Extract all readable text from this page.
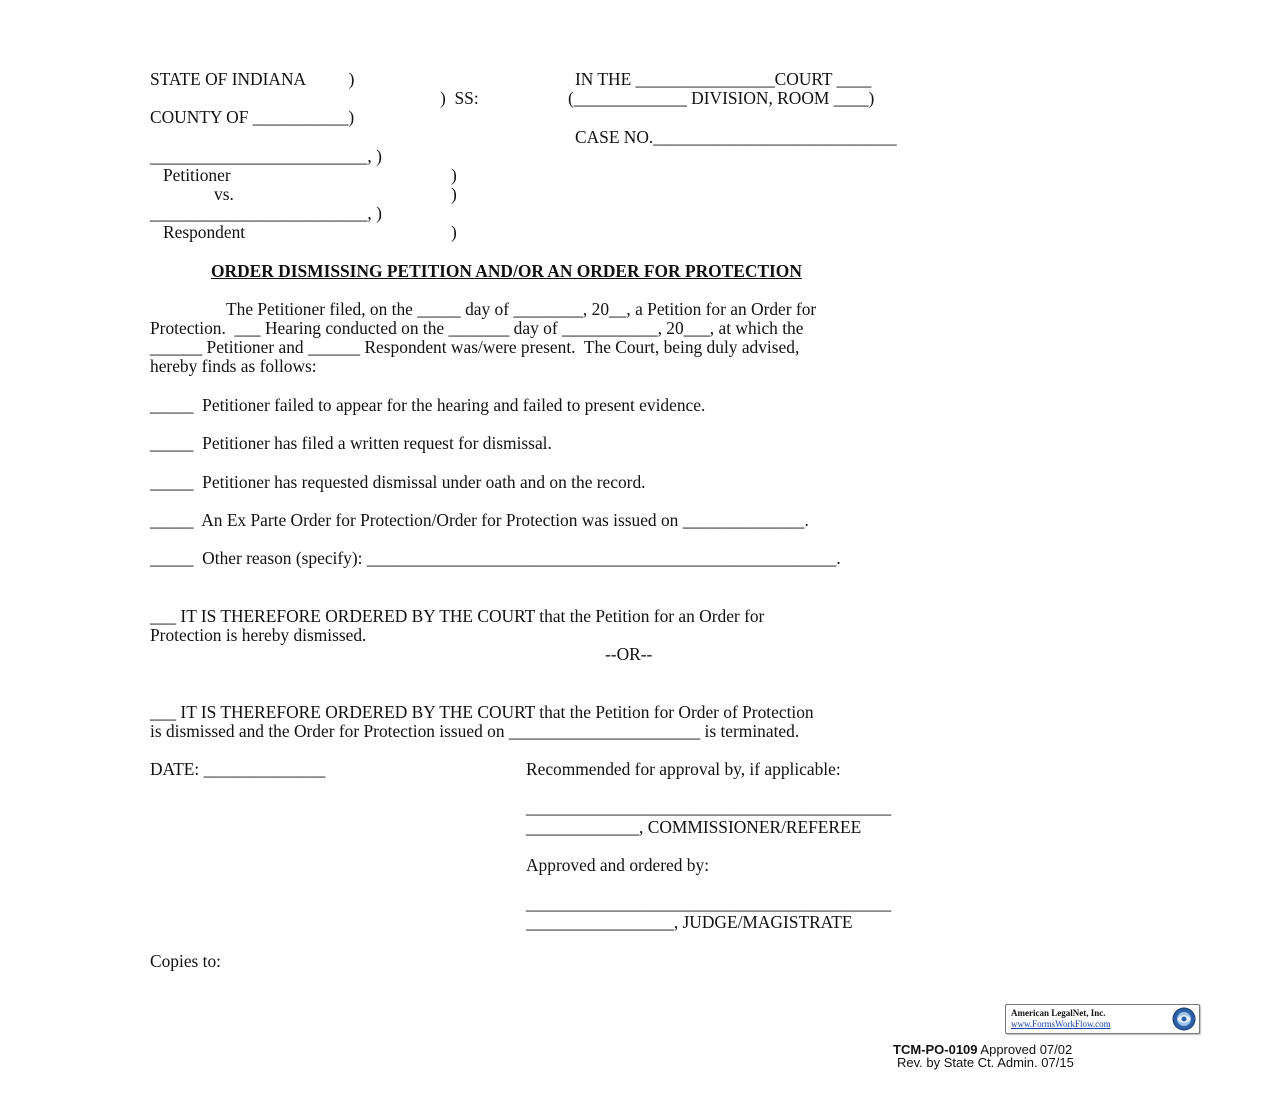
STATE OF INDIANA          )
)  SS:
COUNTY OF ___________)
IN THE ________________COURT ____
(_____________ DIVISION, ROOM ____)
CASE NO.____________________________
_________________________, )
Petitioner	)
vs.	)
_________________________, )
Respondent	)
ORDER DISMISSING PETITION AND/OR AN ORDER FOR PROTECTION
The Petitioner filed, on the _____ day of ________, 20__, a Petition for an Order for
Protection.  ___ Hearing conducted on the _______ day of ___________, 20___, at which the
______ Petitioner and ______ Respondent was/were present.  The Court, being duly advised,
hereby finds as follows:
_____  Petitioner failed to appear for the hearing and failed to present evidence.
_____  Petitioner has filed a written request for dismissal.
_____  Petitioner has requested dismissal under oath and on the record.
_____  An Ex Parte Order for Protection/Order for Protection was issued on ______________.
_____  Other reason (specify): ______________________________________________________.
___ IT IS THEREFORE ORDERED BY THE COURT that the Petition for an Order for
Protection is hereby dismissed.
--OR--
___ IT IS THEREFORE ORDERED BY THE COURT that the Petition for Order of Protection
is dismissed and the Order for Protection issued on ______________________ is terminated.
DATE: ______________	Recommended for approval by, if applicable:
__________________________________________
_____________, COMMISSIONER/REFEREE
Approved and ordered by:
__________________________________________
_________________, JUDGE/MAGISTRATE
Copies to:
American LegalNet, Inc.
www.FormsWorkFlow.com
TCM-PO-0109 Approved 07/02
Rev. by State Ct. Admin. 07/15
